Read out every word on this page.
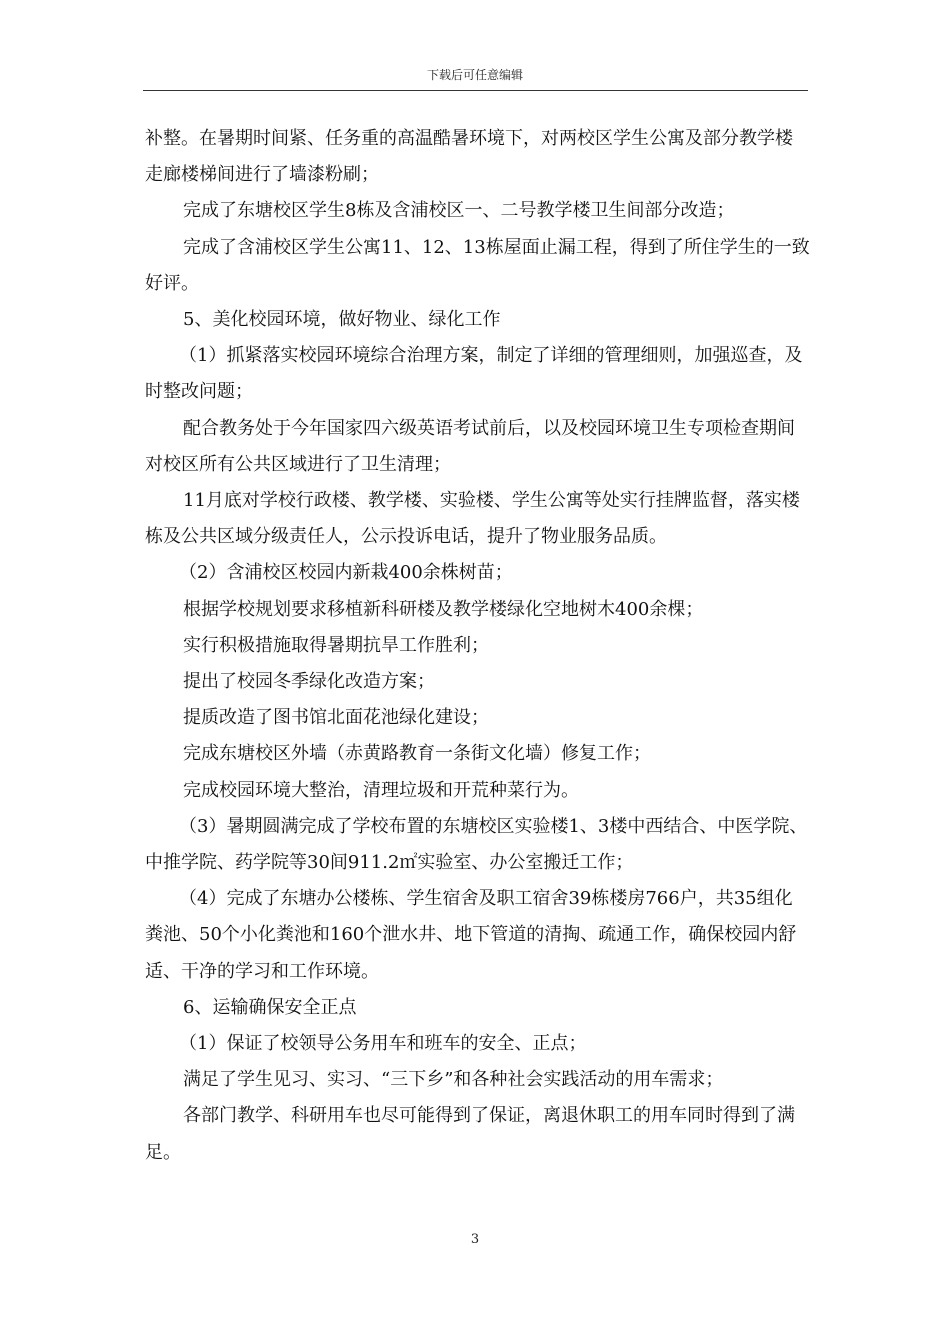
下载后可任意编辑

补整。在暑期时间紧、任务重的高温酷暑环境下，对两校区学生公寓及部分教学楼走廊楼梯间进行了墙漆粉刷；

完成了东塘校区学生8栋及含浦校区一、二号教学楼卫生间部分改造；

完成了含浦校区学生公寓11、12、13栋屋面止漏工程，得到了所住学生的一致好评。

5、美化校园环境，做好物业、绿化工作

（1）抓紧落实校园环境综合治理方案，制定了详细的管理细则，加强巡查，及时整改问题；

配合教务处于今年国家四六级英语考试前后，以及校园环境卫生专项检查期间对校区所有公共区域进行了卫生清理；

11月底对学校行政楼、教学楼、实验楼、学生公寓等处实行挂牌监督，落实楼栋及公共区域分级责任人，公示投诉电话，提升了物业服务品质。

（2）含浦校区校园内新栽400余株树苗；

根据学校规划要求移植新科研楼及教学楼绿化空地树木400余棵；

实行积极措施取得暑期抗旱工作胜利；

提出了校园冬季绿化改造方案；

提质改造了图书馆北面花池绿化建设；

完成东塘校区外墙（赤黄路教育一条街文化墙）修复工作；

完成校园环境大整治，清理垃圾和开荒种菜行为。

（3）暑期圆满完成了学校布置的东塘校区实验楼1、3楼中西结合、中医学院、中推学院、药学院等30间911.2㎡实验室、办公室搬迁工作；

（4）完成了东塘办公楼栋、学生宿舍及职工宿舍39栋楼房766户，共35组化粪池、50个小化粪池和160个泄水井、地下管道的清掏、疏通工作，确保校园内舒适、干净的学习和工作环境。

6、运输确保安全正点

（1）保证了校领导公务用车和班车的安全、正点；

满足了学生见习、实习、“三下乡”和各种社会实践活动的用车需求；

各部门教学、科研用车也尽可能得到了保证，离退休职工的用车同时得到了满足。

3
